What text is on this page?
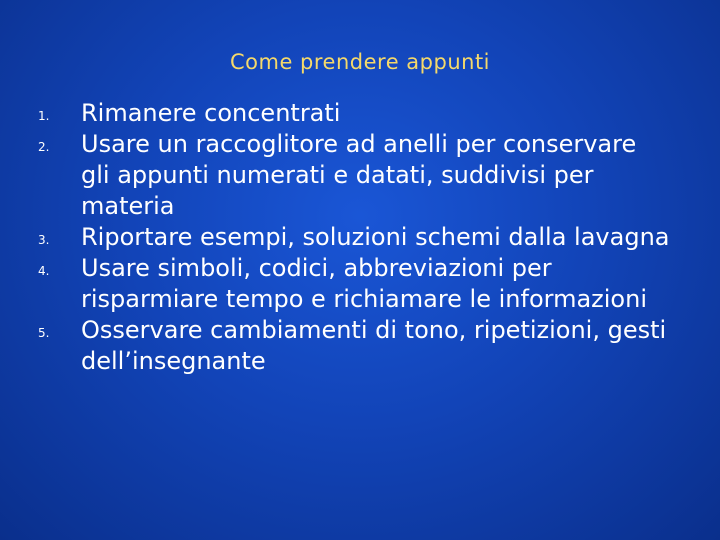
Come prendere appunti
1. Rimanere concentrati
2. Usare un raccoglitore ad anelli per conservare gli appunti numerati e datati, suddivisi per materia
3. Riportare esempi, soluzioni schemi dalla lavagna
4. Usare simboli, codici, abbreviazioni per risparmiare tempo e richiamare le informazioni
5. Osservare cambiamenti di tono, ripetizioni, gesti dell’insegnante
